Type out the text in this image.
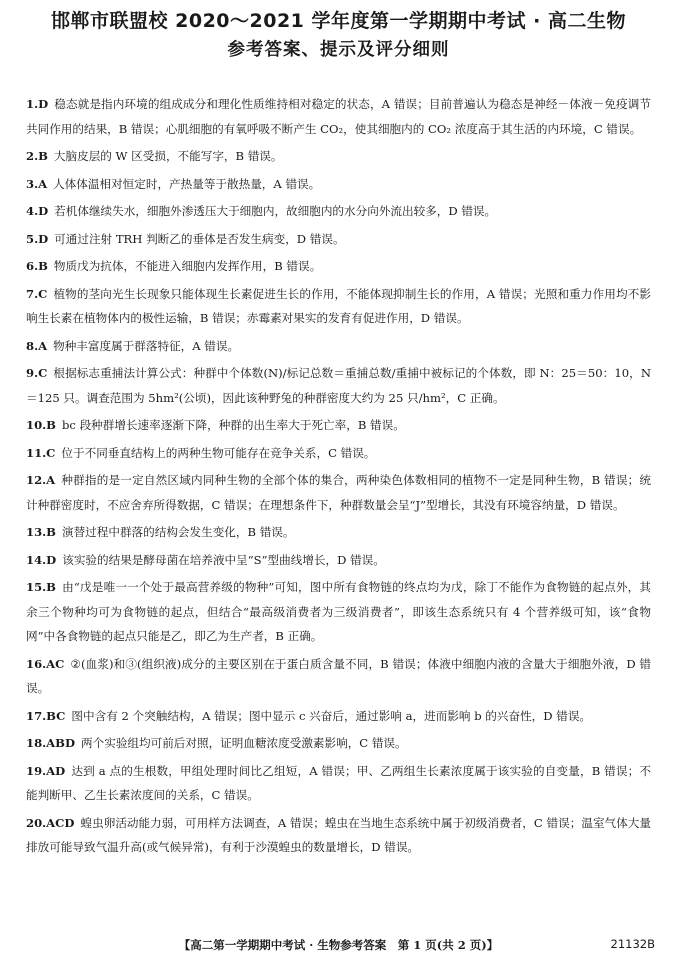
邯郸市联盟校 2020～2021 学年度第一学期期中考试 · 高二生物
参考答案、提示及评分细则

1.D 稳态就是指内环境的组成成分和理化性质维持相对稳定的状态，A 错误；目前普遍认为稳态是神经－体液－免疫调节共同作用的结果，B 错误；心肌细胞的有氧呼吸不断产生 CO₂，使其细胞内的 CO₂ 浓度高于其生活的内环境，C 错误。

2.B 大脑皮层的 W 区受损，不能写字，B 错误。

3.A 人体体温相对恒定时，产热量等于散热量，A 错误。

4.D 若机体继续失水，细胞外渗透压大于细胞内，故细胞内的水分向外流出较多，D 错误。

5.D 可通过注射 TRH 判断乙的垂体是否发生病变，D 错误。

6.B 物质戊为抗体，不能进入细胞内发挥作用，B 错误。

7.C 植物的茎向光生长现象只能体现生长素促进生长的作用，不能体现抑制生长的作用，A 错误；光照和重力作用均不影响生长素在植物体内的极性运输，B 错误；赤霉素对果实的发育有促进作用，D 错误。

8.A 物种丰富度属于群落特征，A 错误。

9.C 根据标志重捕法计算公式：种群中个体数(N)/标记总数＝重捕总数/重捕中被标记的个体数，即 N：25＝50：10，N＝125 只。调查范围为 5hm²(公顷)，因此该种野兔的种群密度大约为 25 只/hm²，C 正确。

10.B bc 段种群增长速率逐渐下降，种群的出生率大于死亡率，B 错误。

11.C 位于不同垂直结构上的两种生物可能存在竞争关系，C 错误。

12.A 种群指的是一定自然区域内同种生物的全部个体的集合，两种染色体数相同的植物不一定是同种生物，B 错误；统计种群密度时，不应舍弃所得数据，C 错误；在理想条件下，种群数量会呈“J”型增长，其没有环境容纳量，D 错误。

13.B 演替过程中群落的结构会发生变化，B 错误。

14.D 该实验的结果是酵母菌在培养液中呈“S”型曲线增长，D 错误。

15.B 由“戊是唯一一个处于最高营养级的物种”可知，图中所有食物链的终点均为戊，除丁不能作为食物链的起点外，其余三个物种均可为食物链的起点，但结合“最高级消费者为三级消费者”，即该生态系统只有 4 个营养级可知，该“食物网”中各食物链的起点只能是乙，即乙为生产者，B 正确。

16.AC ②(血浆)和③(组织液)成分的主要区别在于蛋白质含量不同，B 错误；体液中细胞内液的含量大于细胞外液，D 错误。

17.BC 图中含有 2 个突触结构，A 错误；图中显示 c 兴奋后，通过影响 a，进而影响 b 的兴奋性，D 错误。

18.ABD 两个实验组均可前后对照，证明血糖浓度受激素影响，C 错误。

19.AD 达到 a 点的生根数，甲组处理时间比乙组短，A 错误；甲、乙两组生长素浓度属于该实验的自变量，B 错误；不能判断甲、乙生长素浓度间的关系，C 错误。

20.ACD 蝗虫卵活动能力弱，可用样方法调查，A 错误；蝗虫在当地生态系统中属于初级消费者，C 错误；温室气体大量排放可能导致气温升高(或气候异常)，有利于沙漠蝗虫的数量增长，D 错误。

【高二第一学期期中考试 · 生物参考答案　第 1 页(共 2 页)】	21132B
